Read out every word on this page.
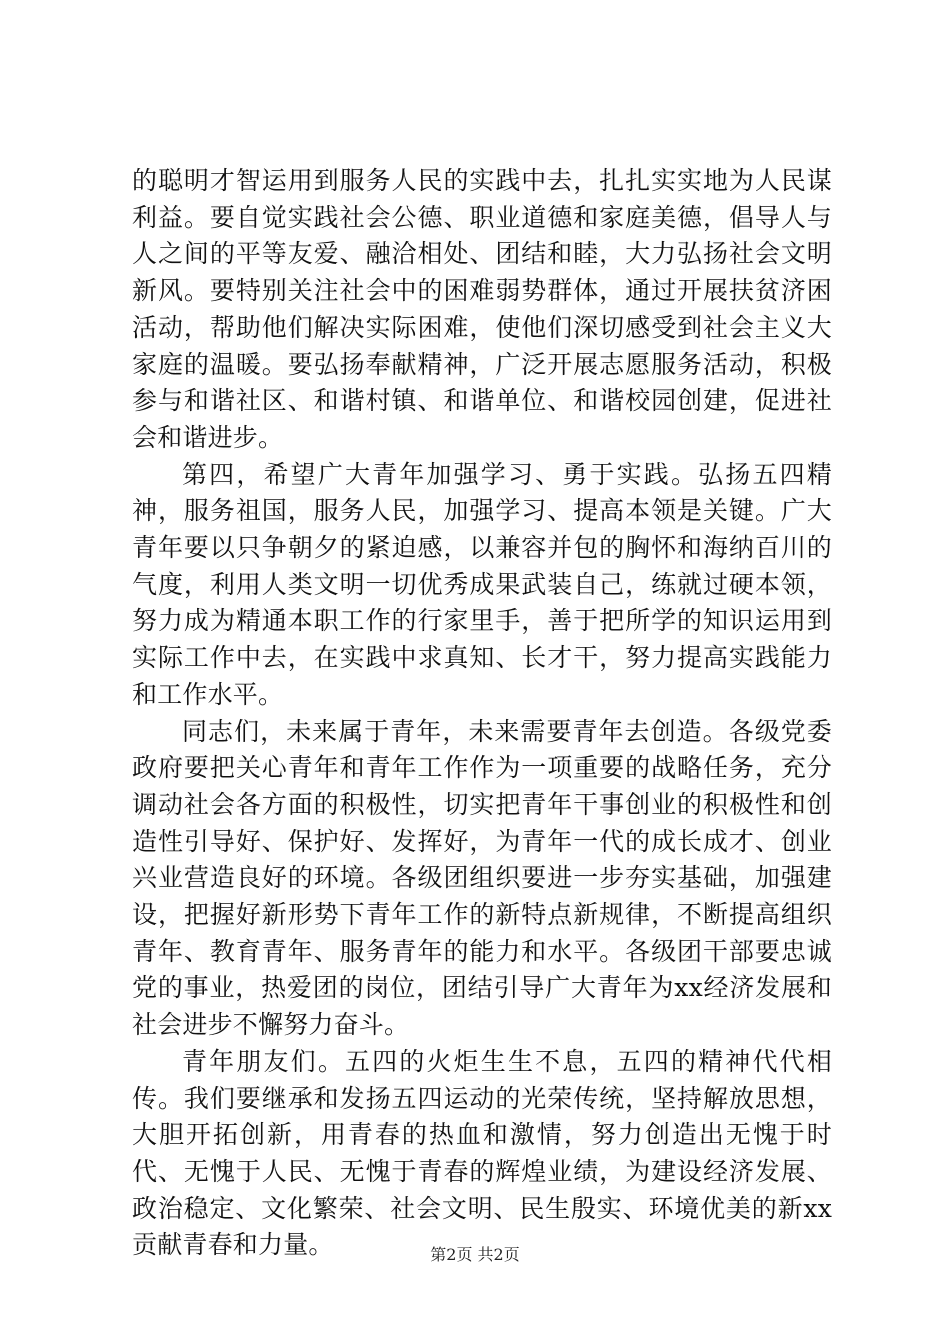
的聪明才智运用到服务人民的实践中去，扎扎实实地为人民谋利益。要自觉实践社会公德、职业道德和家庭美德，倡导人与人之间的平等友爱、融洽相处、团结和睦，大力弘扬社会文明新风。要特别关注社会中的困难弱势群体，通过开展扶贫济困活动，帮助他们解决实际困难，使他们深切感受到社会主义大家庭的温暖。要弘扬奉献精神，广泛开展志愿服务活动，积极参与和谐社区、和谐村镇、和谐单位、和谐校园创建，促进社会和谐进步。

第四，希望广大青年加强学习、勇于实践。弘扬五四精神，服务祖国，服务人民，加强学习、提高本领是关键。广大青年要以只争朝夕的紧迫感，以兼容并包的胸怀和海纳百川的气度，利用人类文明一切优秀成果武装自己，练就过硬本领，努力成为精通本职工作的行家里手，善于把所学的知识运用到实际工作中去，在实践中求真知、长才干，努力提高实践能力和工作水平。

同志们，未来属于青年，未来需要青年去创造。各级党委政府要把关心青年和青年工作作为一项重要的战略任务，充分调动社会各方面的积极性，切实把青年干事创业的积极性和创造性引导好、保护好、发挥好，为青年一代的成长成才、创业兴业营造良好的环境。各级团组织要进一步夯实基础，加强建设，把握好新形势下青年工作的新特点新规律，不断提高组织青年、教育青年、服务青年的能力和水平。各级团干部要忠诚党的事业，热爱团的岗位，团结引导广大青年为xx经济发展和社会进步不懈努力奋斗。

青年朋友们。五四的火炬生生不息，五四的精神代代相传。我们要继承和发扬五四运动的光荣传统，坚持解放思想，大胆开拓创新，用青春的热血和激情，努力创造出无愧于时代、无愧于人民、无愧于青春的辉煌业绩，为建设经济发展、政治稳定、文化繁荣、社会文明、民生殷实、环境优美的新xx贡献青春和力量。	第2页 共2页
